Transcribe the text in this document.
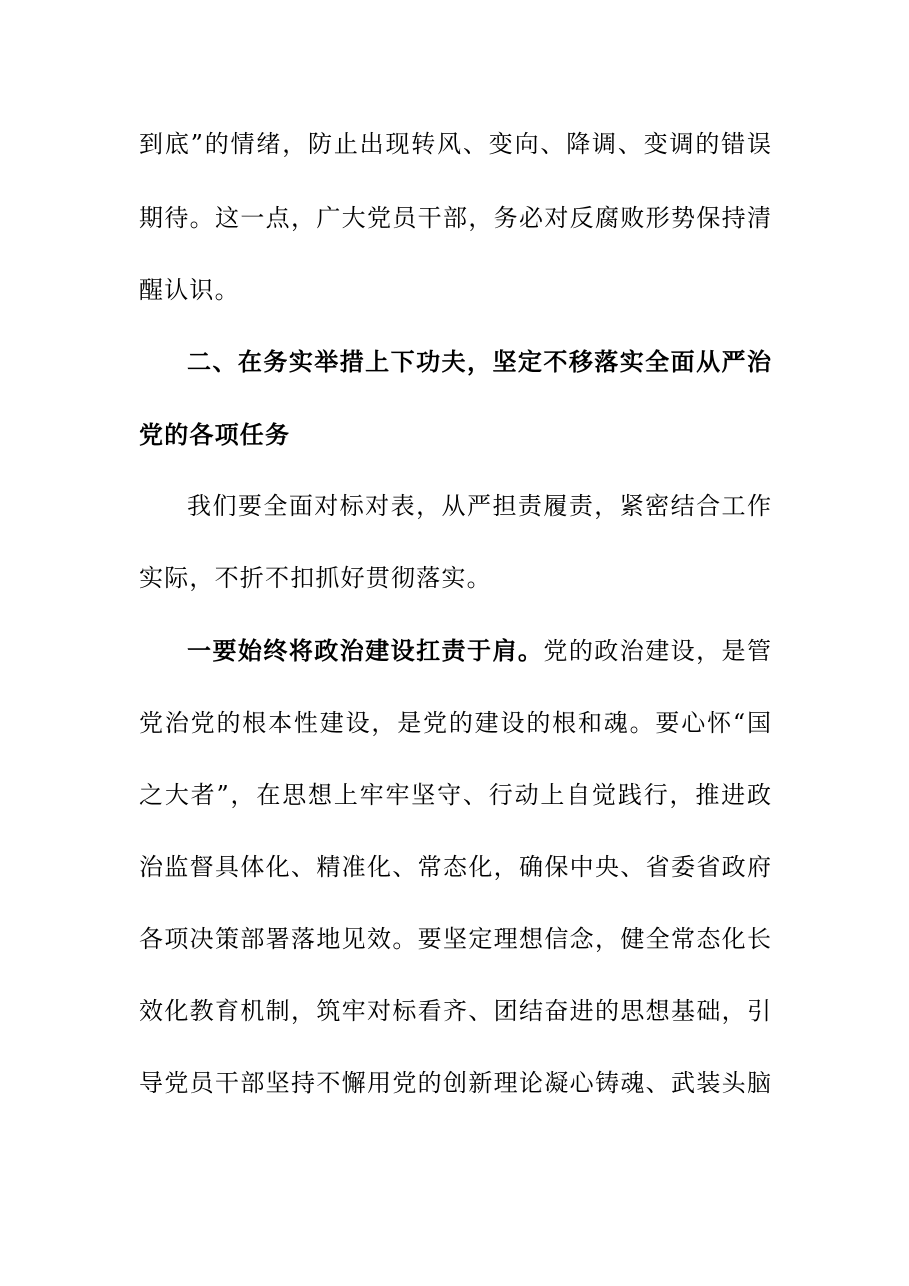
到底”的情绪，防止出现转风、变向、降调、变调的错误
期待。这一点，广大党员干部，务必对反腐败形势保持清
醒认识。
二、在务实举措上下功夫，坚定不移落实全面从严治
党的各项任务
我们要全面对标对表，从严担责履责，紧密结合工作
实际，不折不扣抓好贯彻落实。
一要始终将政治建设扛责于肩。党的政治建设，是管
党治党的根本性建设，是党的建设的根和魂。要心怀“国
之大者”，在思想上牢牢坚守、行动上自觉践行，推进政
治监督具体化、精准化、常态化，确保中央、省委省政府
各项决策部署落地见效。要坚定理想信念，健全常态化长
效化教育机制，筑牢对标看齐、团结奋进的思想基础，引
导党员干部坚持不懈用党的创新理论凝心铸魂、武装头脑
